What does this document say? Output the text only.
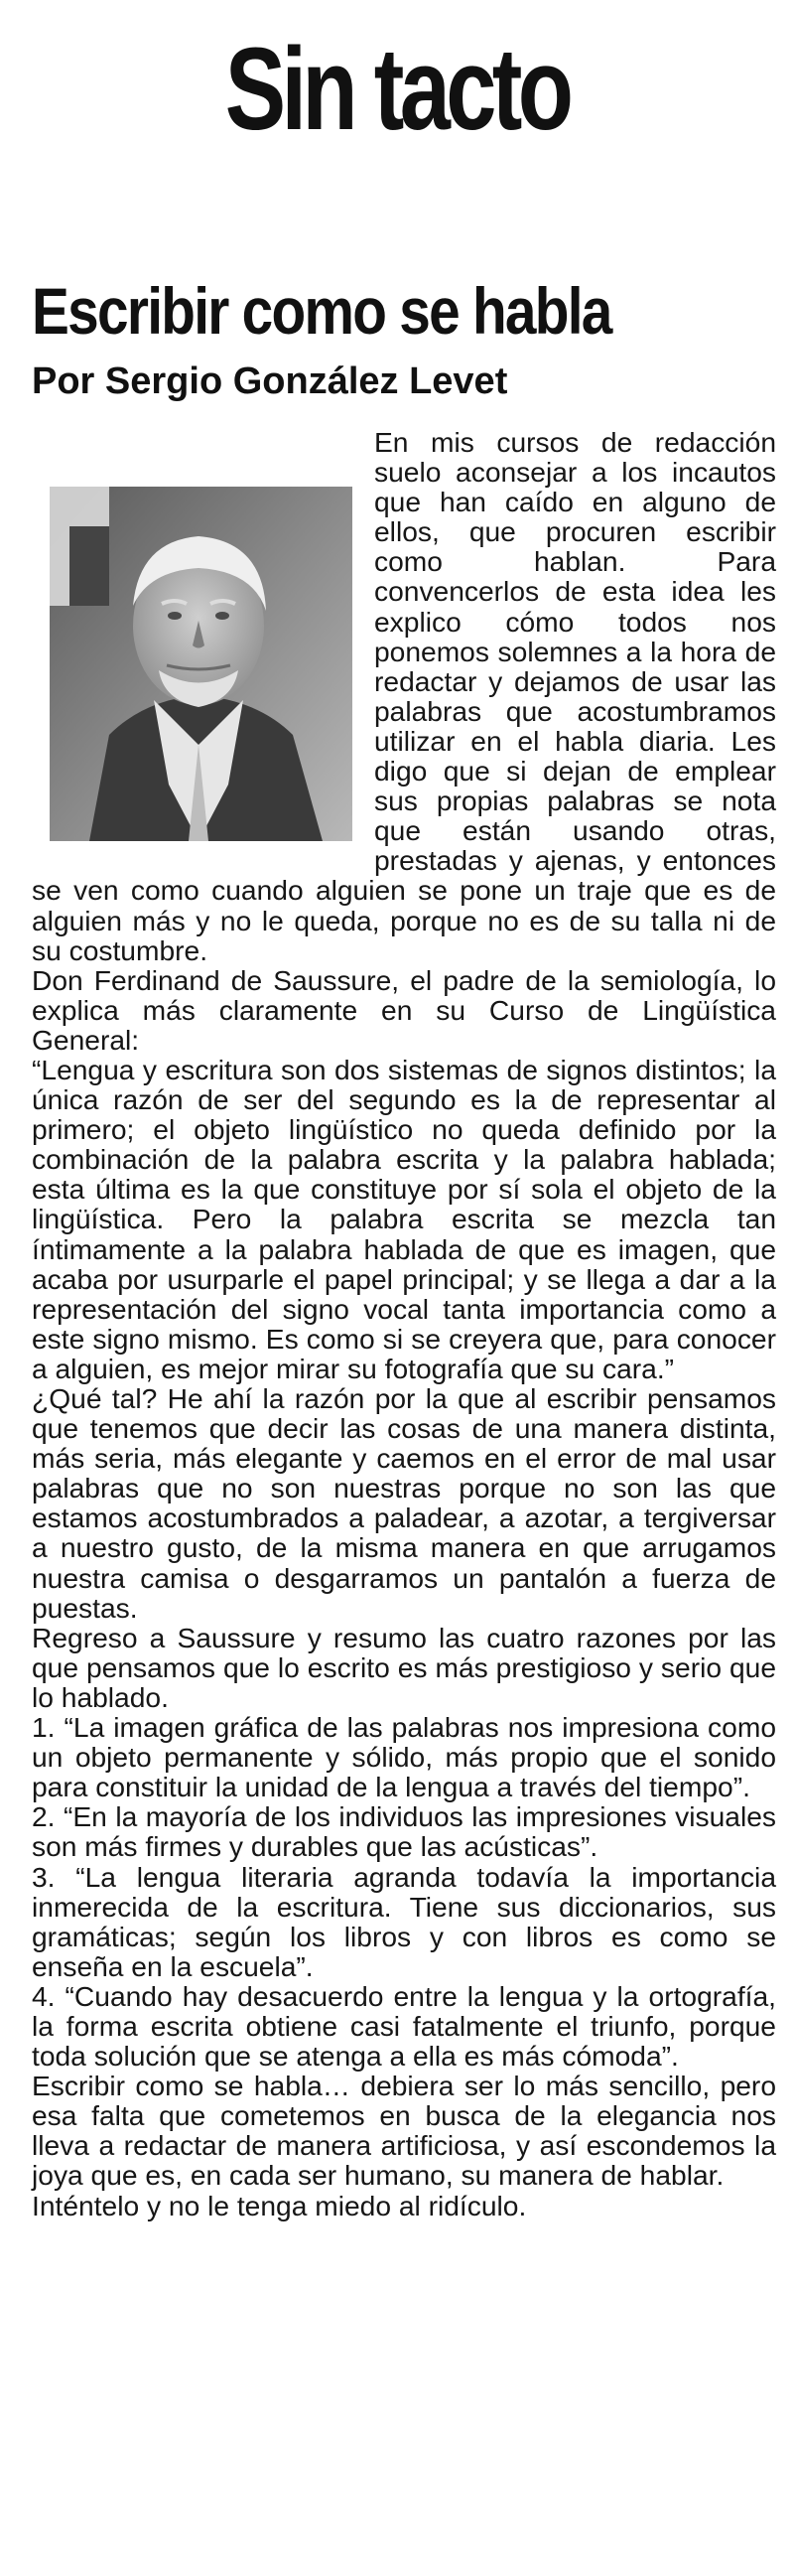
Sin tacto
Escribir como se habla
Por Sergio González Levet

En mis cursos de redacción suelo aconsejar a los incautos que han caído en alguno de ellos, que procuren escribir como hablan. Para convencerlos de esta idea les explico cómo todos nos ponemos solemnes a la hora de redactar y dejamos de usar las palabras que acostumbramos utilizar en el habla diaria. Les digo que si dejan de emplear sus propias palabras se nota que están usando otras, prestadas y ajenas, y entonces se ven como cuando alguien se pone un traje que es de alguien más y no le queda, porque no es de su talla ni de su costumbre.

Don Ferdinand de Saussure, el padre de la semiología, lo explica más claramente en su Curso de Lingüística General:

“Lengua y escritura son dos sistemas de signos distintos; la única razón de ser del segundo es la de representar al primero; el objeto lingüístico no queda definido por la combinación de la palabra escrita y la palabra hablada; esta última es la que constituye por sí sola el objeto de la lingüística. Pero la palabra escrita se mezcla tan íntimamente a la palabra hablada de que es imagen, que acaba por usurparle el papel principal; y se llega a dar a la representación del signo vocal tanta importancia como a este signo mismo. Es como si se creyera que, para conocer a alguien, es mejor mirar su fotografía que su cara.”

¿Qué tal? He ahí la razón por la que al escribir pensamos que tenemos que decir las cosas de una manera distinta, más seria, más elegante y caemos en el error de mal usar palabras que no son nuestras porque no son las que estamos acostumbrados a paladear, a azotar, a tergiversar a nuestro gusto, de la misma manera en que arrugamos nuestra camisa o desgarramos un pantalón a fuerza de puestas.

Regreso a Saussure y resumo las cuatro razones por las que pensamos que lo escrito es más prestigioso y serio que lo hablado.

1. “La imagen gráfica de las palabras nos impresiona como un objeto permanente y sólido, más propio que el sonido para constituir la unidad de la lengua a través del tiempo”.

2. “En la mayoría de los individuos las impresiones visuales son más firmes y durables que las acústicas”.

3. “La lengua literaria agranda todavía la importancia inmerecida de la escritura. Tiene sus diccionarios, sus gramáticas; según los libros y con libros es como se enseña en la escuela”.

4. “Cuando hay desacuerdo entre la lengua y la ortografía, la forma escrita obtiene casi fatalmente el triunfo, porque toda solución que se atenga a ella es más cómoda”.

Escribir como se habla… debiera ser lo más sencillo, pero esa falta que cometemos en busca de la elegancia nos lleva a redactar de manera artificiosa, y así escondemos la joya que es, en cada ser humano, su manera de hablar.

Inténtelo y no le tenga miedo al ridículo.
